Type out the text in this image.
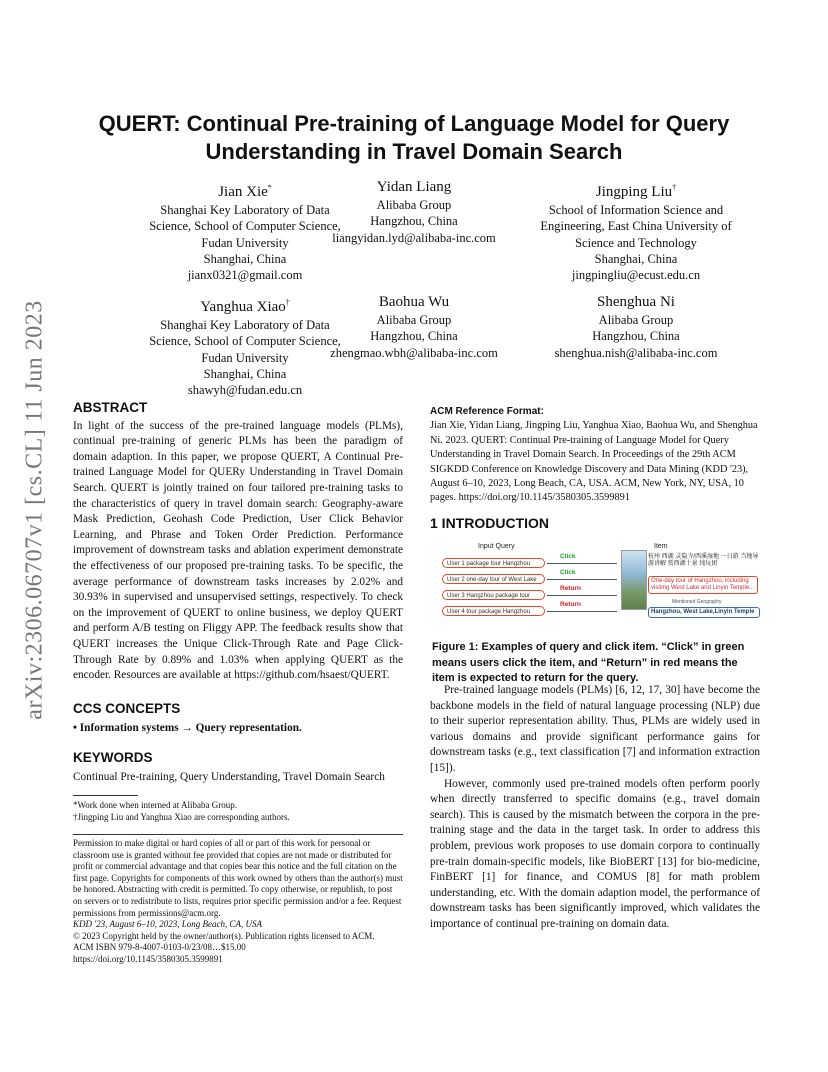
arXiv:2306.06707v1 [cs.CL] 11 Jun 2023
QUERT: Continual Pre-training of Language Model for Query
Understanding in Travel Domain Search
Jian Xie*
Shanghai Key Laboratory of Data
Science, School of Computer Science,
Fudan University
Shanghai, China
jianx0321@gmail.com
Yidan Liang
Alibaba Group
Hangzhou, China
liangyidan.lyd@alibaba-inc.com
Jingping Liu†
School of Information Science and
Engineering, East China University of
Science and Technology
Shanghai, China
jingpingliu@ecust.edu.cn
Yanghua Xiao†
Shanghai Key Laboratory of Data
Science, School of Computer Science,
Fudan University
Shanghai, China
shawyh@fudan.edu.cn
Baohua Wu
Alibaba Group
Hangzhou, China
zhengmao.wbh@alibaba-inc.com
Shenghua Ni
Alibaba Group
Hangzhou, China
shenghua.nish@alibaba-inc.com

ABSTRACT

In light of the success of the pre-trained language models (PLMs), continual pre-training of generic PLMs has been the paradigm of domain adaption. In this paper, we propose QUERT, A Continual Pre-trained Language Model for QUERy Understanding in Travel Domain Search. QUERT is jointly trained on four tailored pre-training tasks to the characteristics of query in travel domain search: Geography-aware Mask Prediction, Geohash Code Prediction, User Click Behavior Learning, and Phrase and Token Order Prediction. Performance improvement of downstream tasks and ablation experiment demonstrate the effectiveness of our proposed pre-training tasks. To be specific, the average performance of downstream tasks increases by 2.02% and 30.93% in supervised and unsupervised settings, respectively. To check on the improvement of QUERT to online business, we deploy QUERT and perform A/B testing on Fliggy APP. The feedback results show that QUERT increases the Unique Click-Through Rate and Page Click-Through Rate by 0.89% and 1.03% when applying QUERT as the encoder. Resources are available at https://github.com/hsaest/QUERT.

CCS CONCEPTS

• Information systems → Query representation.

KEYWORDS

Continual Pre-training, Query Understanding, Travel Domain Search
*Work done when interned at Alibaba Group.
†Jingping Liu and Yanghua Xiao are corresponding authors.
Permission to make digital or hard copies of all or part of this work for personal or classroom use is granted without fee provided that copies are not made or distributed for profit or commercial advantage and that copies bear this notice and the full citation on the first page. Copyrights for components of this work owned by others than the author(s) must be honored. Abstracting with credit is permitted. To copy otherwise, or republish, to post on servers or to redistribute to lists, requires prior specific permission and/or a fee. Request permissions from permissions@acm.org.
KDD '23, August 6–10, 2023, Long Beach, CA, USA
© 2023 Copyright held by the owner/author(s). Publication rights licensed to ACM.
ACM ISBN 979-8-4007-0103-0/23/08…$15.00
https://doi.org/10.1145/3580305.3599891
ACM Reference Format:
Jian Xie, Yidan Liang, Jingping Liu, Yanghua Xiao, Baohua Wu, and Shenghua Ni. 2023. QUERT: Continual Pre-training of Language Model for Query Understanding in Travel Domain Search. In Proceedings of the 29th ACM SIGKDD Conference on Knowledge Discovery and Data Mining (KDD '23), August 6–10, 2023, Long Beach, CA, USA. ACM, New York, NY, USA, 10 pages. https://doi.org/10.1145/3580305.3599891

1 INTRODUCTION

Input Query	Item
User 1 package tour Hangzhou
Click
User 2 one-day tour of West Lake
Click
User 3 Hangzhou package tour
Return
User 4 tour package Hangzhou
Return
杭州 西湖 灵隐寺/西溪湿地 一日游 当地导游讲解 赏西湖十景 纯玩团
One-day tour of Hangzhou, including visiting West Lake and Linyin Temple...
Mentioned Geography
Hangzhou, West Lake,Linyin Temple
Figure 1: Examples of query and click item. “Click” in green means users click the item, and “Return” in red means the item is expected to return for the query.
Pre-trained language models (PLMs) [6, 12, 17, 30] have become the backbone models in the field of natural language processing (NLP) due to their superior representation ability. Thus, PLMs are widely used in various domains and provide significant performance gains for downstream tasks (e.g., text classification [7] and information extraction [15]).
However, commonly used pre-trained models often perform poorly when directly transferred to specific domains (e.g., travel domain search). This is caused by the mismatch between the corpora in the pre-training stage and the data in the target task. In order to address this problem, previous work proposes to use domain corpora to continually pre-train domain-specific models, like BioBERT [13] for bio-medicine, FinBERT [1] for finance, and COMUS [8] for math problem understanding, etc. With the domain adaption model, the performance of downstream tasks has been significantly improved, which validates the importance of continual pre-training on domain data.
